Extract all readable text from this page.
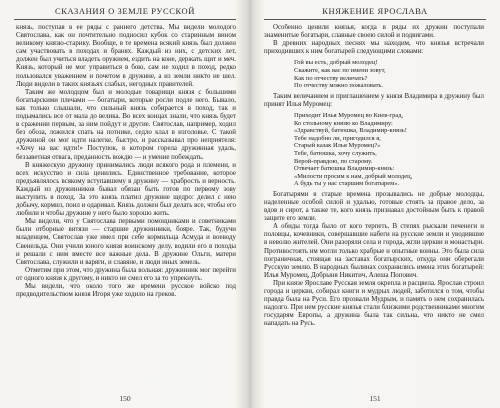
СКАЗАНИЯ О ЗЕМЛЕ РУССКОЙ

князь, поступая в ее ряды с раннего детства. Мы видели молодого Святослава, как он почтительно подносил кубок со старинным вином великому князю-старику. Вообще, в те времена всякий князь был должен сам участвовать в походах и бранях. Каждый из них, с детских лет, должен был учиться владеть оружием, ездить на коне, держать щит и меч. Князь, который не мог управиться в бою, сам не ходил в поход, редко пользовался уважением и почетом в дружине, а из земли никто не шел. Люди видели в таких князьях слабых, негодных правителей.

Таким же молодцом был и молодые товарищи князя с большими богатырскими плечами — богатыри, которые росли подле него. Бывало, как только слышали, что сильный князь собирается в поход, так и подымались все от мала до велика. Во всех концах знали, что князь будет в сражении первым, за ним пойдут и другие. Святослав, например, ходил без обоза, ложился спать на потнике, седло клал в изголовье. С такой дружиной он мог идти налегке, быстро, и рассказывал про неприятеля: «Хочу на вас идти!» Поступок, в котором горела дружинная удаль, беззаветная отвага, преданность вождю — и умение побеждать.

В княжескую дружину принимались люди всякого рода и племени, и всех искусство и сила ценились. Единственное требование, которое предъявлялось всякому вступавшему в дружину — храбрость и верность. Каждый из дружинников бывал обязан быть готов по первому зову выступить в поход. За это князь платил дружине щедро: делил с нею добычу, кормил, поил и одаривал. Князь должен был делать все, чтобы его любили и чтобы дружине у него было хорошо жить.

Мы видели, что у Святослава первыми помощниками и советниками были отборные витязи — старшие дружинники, бояре. Так, будучи младенцем, Святослав уже имел при себе кормильца Асмуда и воеводу Свенельда. Они учили юного князя воинскому делу, водили его в походы и решали с ним вместе все важные дела. В дружине Ольги, матери Святослава, служили и варяги, и славяне, и люди иных земель.

Отметим при этом, что дружина была вольная: дружинник мог перейти от одного князя к другому, и никто не смел его за то упрекнуть.

Мы видели, что около того же времени русское войско под предводительством князя Игоря уже ходило на греков.

150
КНЯЖЕНИЕ ЯРОСЛАВА

Особенно ценили князья, когда в ряды их дружин поступали знаменитые богатыри, славные своею силой и подвигами.

В древних народных песнях мы находим, что князья встречали приходивших к ним богатырей следующими словами:

Гой вы есть, добрый молодец!
Скажите, как вас по имени зовут,
Как по отчеству величать?
По отчеству можно пожаловать.

Таким величанием и приглашением у князя Владимира в дружину был принят Илья Муромец:

Приходит Илья Муромец во Киев-град,
Ко стольному князю ко Владимиру:
«Здравствуй, батюшка, Владимир-князь!
Тебе надобно ли, пригодился я,
Старый казак Илья Муромец?»
Тебе, батюшка, хочу служить,
Верой-правдою, по старому.
Отвечает батюшка Владимир-князь:
«Милости просим к нам, добрый молодец,
А будь ты у нас старшим богатырем».

Богатырями в старые времена прозывались не добрые молодцы, наделенные особой силой и удалью, готовые стоять за правое дело, за вдов и сирот, а также те, кого князь признавал достойным быть к правой защите его земли.

А обиды тогда было от кого терпеть. В степях рыскали печенеги и половцы, кочевники, совершавшие набеги на русские земли и уводившие в неволю жителей. Они разоряли села и города, жгли церкви и монастыри. Противостоять им могли только храбрые и опытные воины. Это была сила пограничная, стоящая на заставах богатырских, откуда они оберегали Русскую землю. В народных былинах сохранились имена этих богатырей: Илья Муромец, Добрыня Никитич, Алеша Попович.

При князе Ярославе Русская земля окрепла и расцвела. Ярослав строил города и церкви, собирал книги и мудрых людей, заботился о том, чтобы правда была на Руси. Его прозвали Мудрым, и память о нем сохранилась надолго. При нем русские князья стали близкими родственниками многим государям Европы, а дружина была так сильна, что никто не смел нападать на Русь.

151
